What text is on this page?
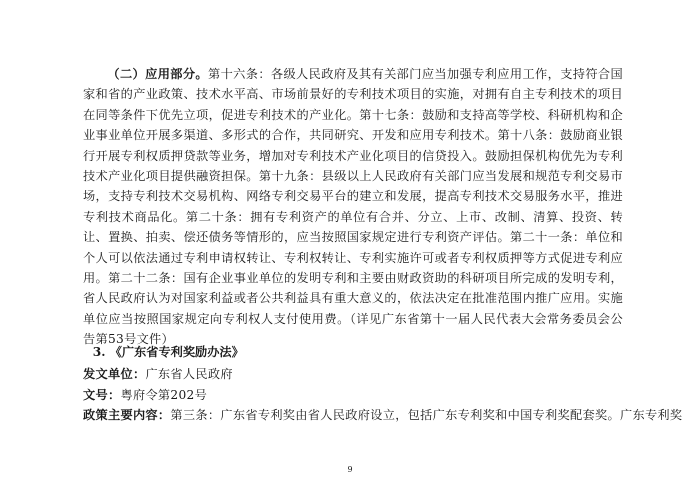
（二）应用部分。第十六条：各级人民政府及其有关部门应当加强专利应用工作，支持符合国家和省的产业政策、技术水平高、市场前景好的专利技术项目的实施，对拥有自主专利技术的项目在同等条件下优先立项，促进专利技术的产业化。第十七条：鼓励和支持高等学校、科研机构和企业事业单位开展多渠道、多形式的合作，共同研究、开发和应用专利技术。第十八条：鼓励商业银行开展专利权质押贷款等业务，增加对专利技术产业化项目的信贷投入。鼓励担保机构优先为专利技术产业化项目提供融资担保。第十九条：县级以上人民政府有关部门应当发展和规范专利交易市场，支持专利技术交易机构、网络专利交易平台的建立和发展，提高专利技术交易服务水平，推进专利技术商品化。第二十条：拥有专利资产的单位有合并、分立、上市、改制、清算、投资、转让、置换、拍卖、偿还债务等情形的，应当按照国家规定进行专利资产评估。第二十一条：单位和个人可以依法通过专利申请权转让、专利权转让、专利实施许可或者专利权质押等方式促进专利应用。第二十二条：国有企业事业单位的发明专利和主要由财政资助的科研项目所完成的发明专利，省人民政府认为对国家利益或者公共利益具有重大意义的，依法决定在批准范围内推广应用。实施单位应当按照国家规定向专利权人支付使用费。（详见广东省第十一届人民代表大会常务委员会公告第53号文件）

3. 《广东省专利奖励办法》

发文单位：广东省人民政府

文号：粤府令第202号

政策主要内容：第三条：广东省专利奖由省人民政府设立，包括广东专利奖和中国专利奖配套奖。广东专利奖

9
